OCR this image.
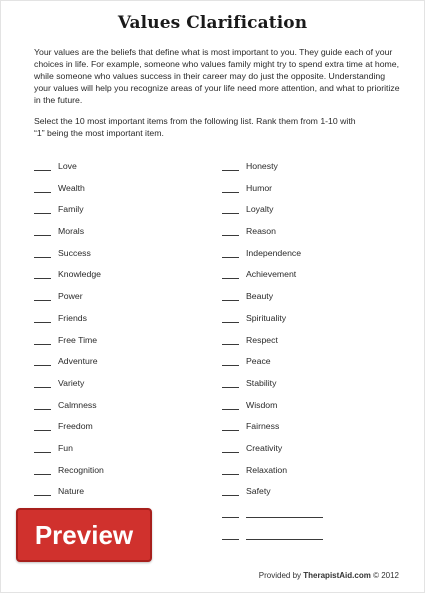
Values Clarification
Your values are the beliefs that define what is most important to you. They guide each of your choices in life. For example, someone who values family might try to spend extra time at home, while someone who values success in their career may do just the opposite. Understanding your values will help you recognize areas of your life need more attention, and what to prioritize in the future.
Select the 10 most important items from the following list. Rank them from 1-10 with “1” being the most important item.
Love
Wealth
Family
Morals
Success
Knowledge
Power
Friends
Free Time
Adventure
Variety
Calmness
Freedom
Fun
Recognition
Nature
Honesty
Humor
Loyalty
Reason
Independence
Achievement
Beauty
Spirituality
Respect
Peace
Stability
Wisdom
Fairness
Creativity
Relaxation
Safety
Preview
Provided by TherapistAid.com © 2012
